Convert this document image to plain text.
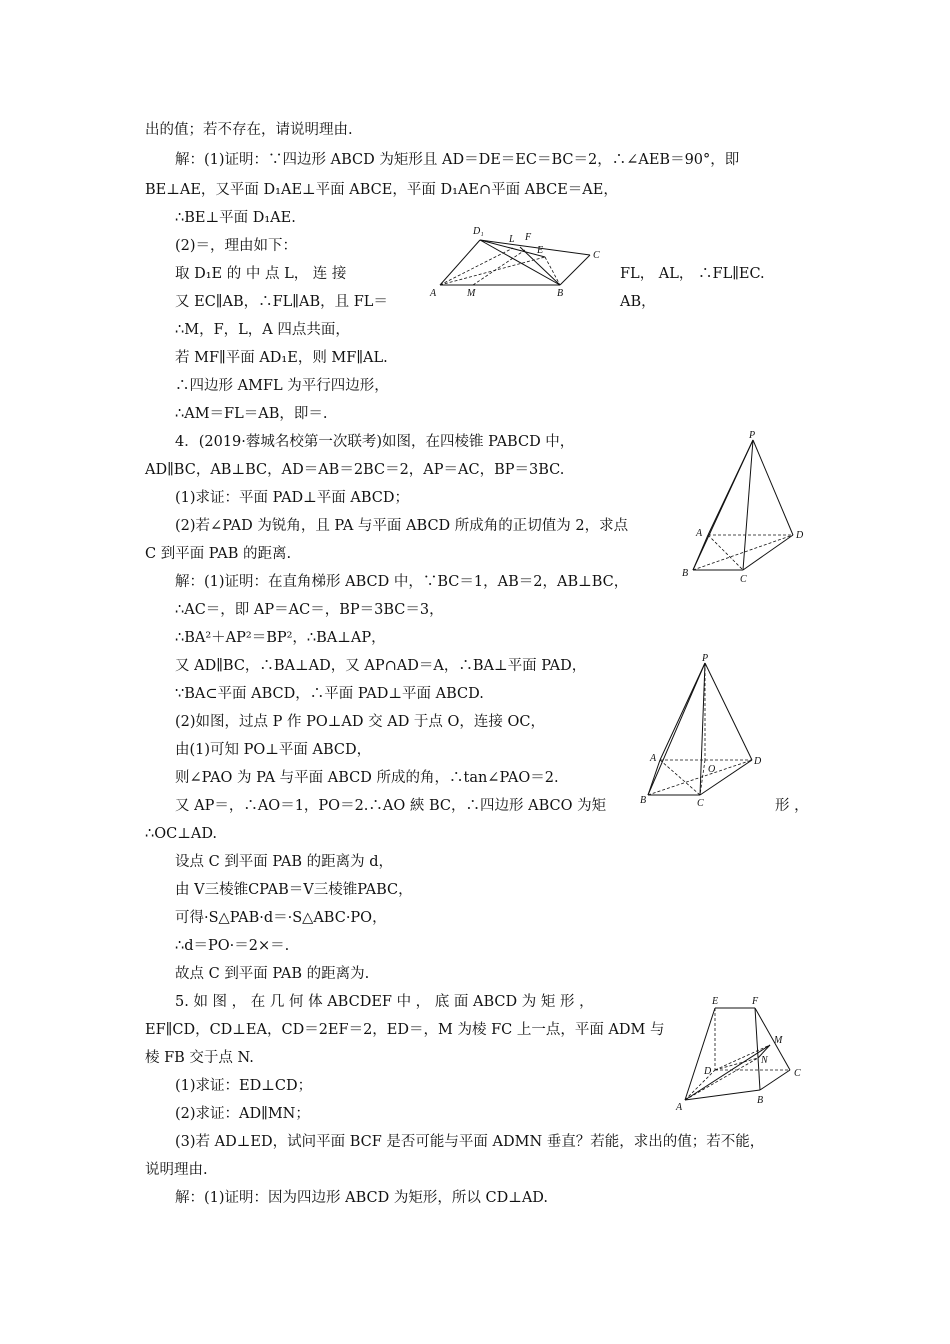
出的值；若不存在，请说明理由.
解：(1)证明：∵四边形 ABCD 为矩形且 AD＝DE＝EC＝BC＝2，∴∠AEB＝90°，即
BE⊥AE，又平面 D₁AE⊥平面 ABCE，平面 D₁AE∩平面 ABCE＝AE，
∴BE⊥平面 D₁AE.
(2)＝，理由如下：
取 D₁E 的 中 点 L， 连 接	FL， AL， ∴FL∥EC.
又 EC∥AB，∴FL∥AB，且 FL＝	AB，
∴M，F，L，A 四点共面，
若 MF∥平面 AD₁E，则 MF∥AL.
∴四边形 AMFL 为平行四边形，
∴AM＝FL＝AB，即＝.
4．(2019·蓉城名校第一次联考)如图，在四棱锥 PABCD 中，
AD∥BC，AB⊥BC，AD＝AB＝2BC＝2，AP＝AC，BP＝3BC.
(1)求证：平面 PAD⊥平面 ABCD；
(2)若∠PAD 为锐角，且 PA 与平面 ABCD 所成角的正切值为 2，求点
C 到平面 PAB 的距离.
解：(1)证明：在直角梯形 ABCD 中，∵BC＝1，AB＝2，AB⊥BC，
∴AC＝，即 AP＝AC＝，BP＝3BC＝3，
∴BA²＋AP²＝BP²，∴BA⊥AP，
又 AD∥BC，∴BA⊥AD，又 AP∩AD＝A，∴BA⊥平面 PAD，
∵BA⊂平面 ABCD，∴平面 PAD⊥平面 ABCD.
(2)如图，过点 P 作 PO⊥AD 交 AD 于点 O，连接 OC，
由(1)可知 PO⊥平面 ABCD，
则∠PAO 为 PA 与平面 ABCD 所成的角，∴tan∠PAO＝2.
又 AP＝，∴AO＝1，PO＝2.∴AO 綊 BC，∴四边形 ABCO 为矩	形 ，
∴OC⊥AD.
设点 C 到平面 PAB 的距离为 d，
由 V三棱锥CPAB＝V三棱锥PABC，
可得·S△PAB·d＝·S△ABC·PO，
∴d＝PO·＝2×＝.
故点 C 到平面 PAB 的距离为.
5. 如 图 ， 在 几 何 体 ABCDEF 中 ， 底 面 ABCD 为 矩 形 ，
EF∥CD，CD⊥EA，CD＝2EF＝2，ED＝，M 为棱 FC 上一点，平面 ADM 与
棱 FB 交于点 N.
(1)求证：ED⊥CD；
(2)求证：AD∥MN；
(3)若 AD⊥ED，试问平面 BCF 是否可能与平面 ADMN 垂直？若能，求出的值；若不能，
说明理由.
解：(1)证明：因为四边形 ABCD 为矩形，所以 CD⊥AD.
D₁
L F
E	C
A	M	B
P
A	D
B
C
P
A
O
D
B	C
E	F
M
N
D	C
A
B
